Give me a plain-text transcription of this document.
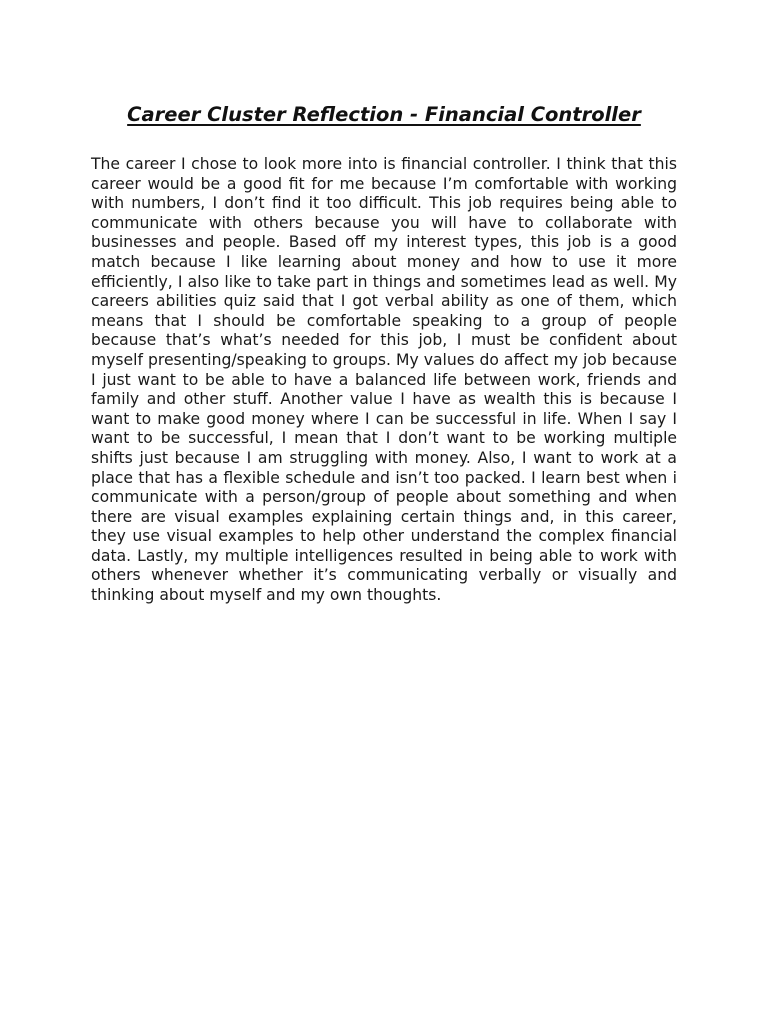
Career Cluster Reflection - Financial Controller

The career I chose to look more into is financial controller. I think that this career would be a good fit for me because I’m comfortable with working with numbers, I don’t find it too difficult. This job requires being able to communicate with others because you will have to collaborate with businesses and people. Based off my interest types, this job is a good match because I like learning about money and how to use it more efficiently, I also like to take part in things and sometimes lead as well. My careers abilities quiz said that I got verbal ability as one of them, which means that I should be comfortable speaking to a group of people because that’s what’s needed for this job, I must be confident about myself presenting/speaking to groups. My values do affect my job because I just want to be able to have a balanced life between work, friends and family and other stuff. Another value I have as wealth this is because I want to make good money where I can be successful in life. When I say I want to be successful, I mean that I don’t want to be working multiple shifts just because I am struggling with money. Also, I want to work at a place that has a flexible schedule and isn’t too packed. I learn best when i communicate with a person/group of people about something and when there are visual examples explaining certain things and, in this career, they use visual examples to help other understand the complex financial data. Lastly, my multiple intelligences resulted in being able to work with others whenever whether it’s communicating verbally or visually and thinking about myself and my own thoughts.
